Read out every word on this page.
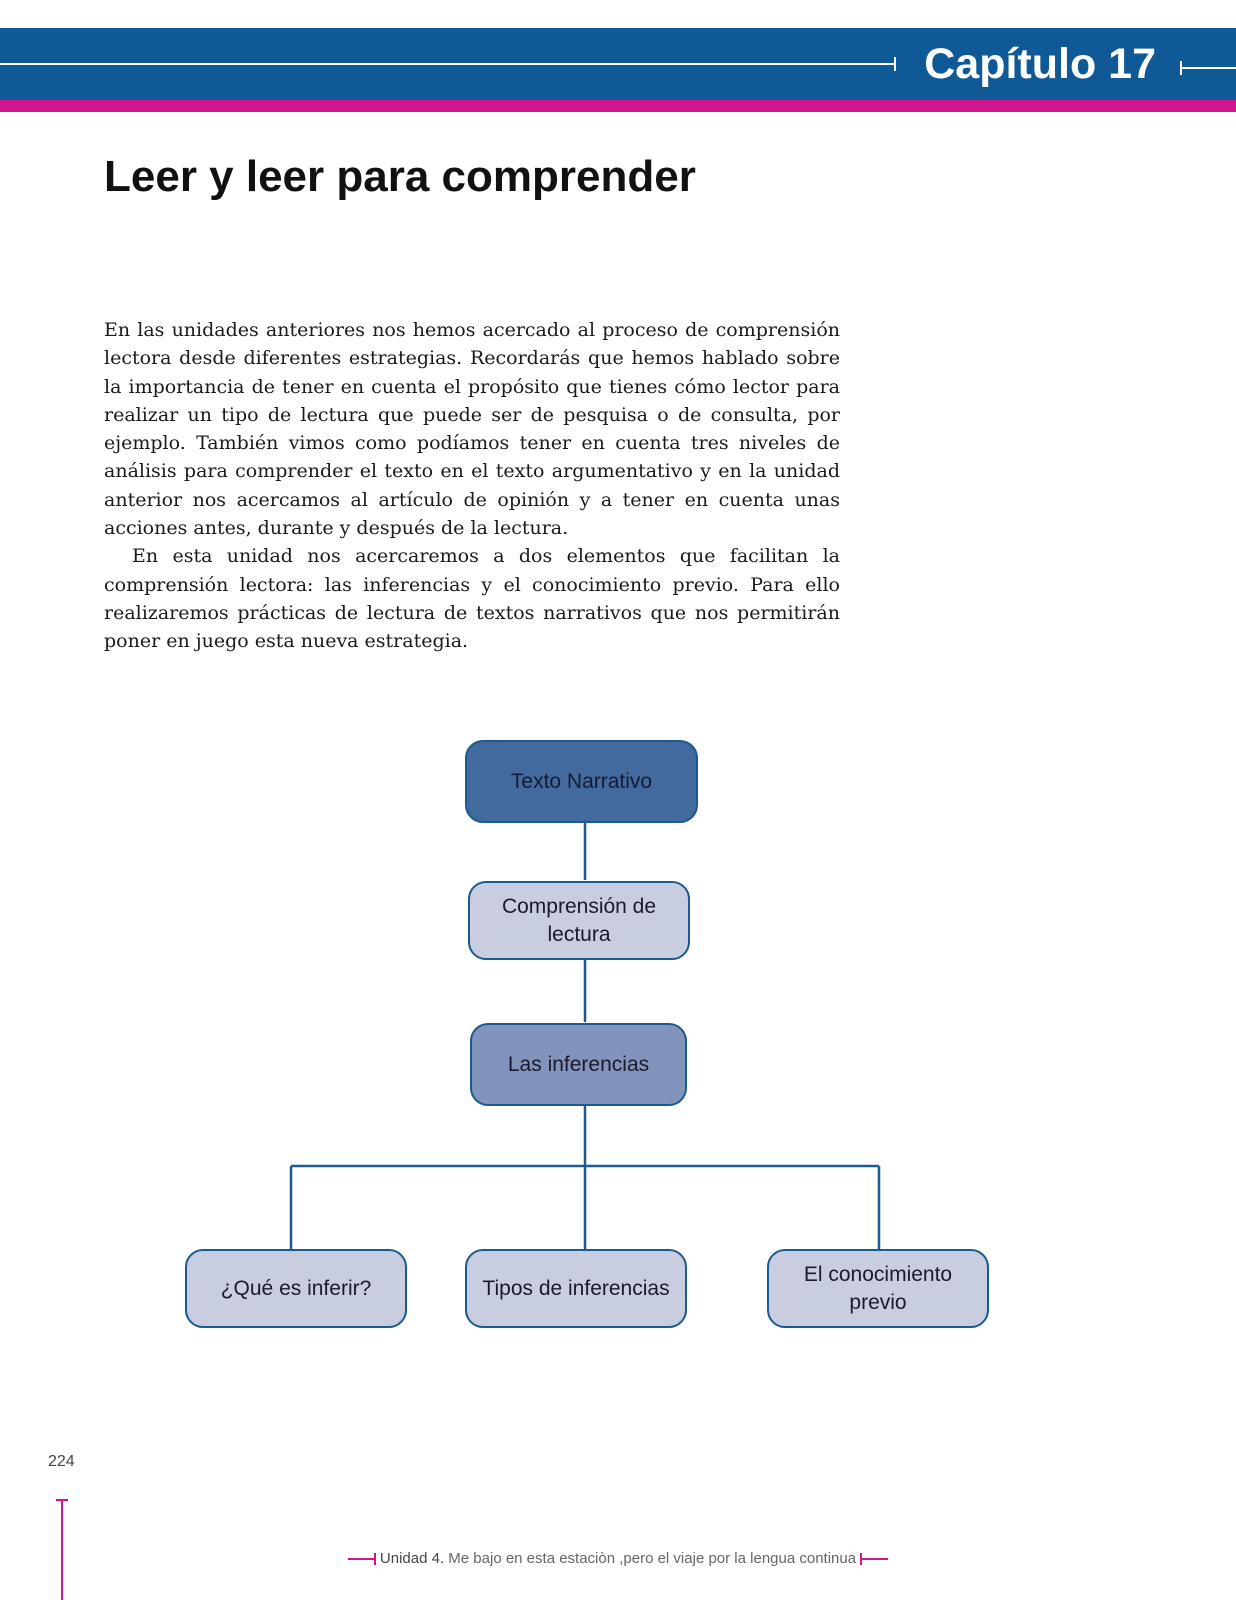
Capítulo 17
Leer y leer para comprender

En las unidades anteriores nos hemos acercado al proceso de comprensión lectora desde diferentes estrategias. Recordarás que hemos hablado sobre la importancia de tener en cuenta el propósito que tienes cómo lector para realizar un tipo de lectura que puede ser de pesquisa o de consulta, por ejemplo. También vimos como podíamos tener en cuenta tres niveles de análisis para comprender el texto en el texto argumentativo y en la unidad anterior nos acercamos al artículo de opinión y a tener en cuenta unas acciones antes, durante y después de la lectura.

En esta unidad nos acercaremos a dos elementos que facilitan la comprensión lectora: las inferencias y el conocimiento previo. Para ello realizaremos prácticas de lectura de textos narrativos que nos permitirán poner en juego esta nueva estrategia.

Texto Narrativo
Comprensión de lectura
Las inferencias
¿Qué es inferir?	Tipos de inferencias
El conocimiento previo
224
Unidad 4. Me bajo en esta estaciòn ,pero el viaje por la lengua continua
